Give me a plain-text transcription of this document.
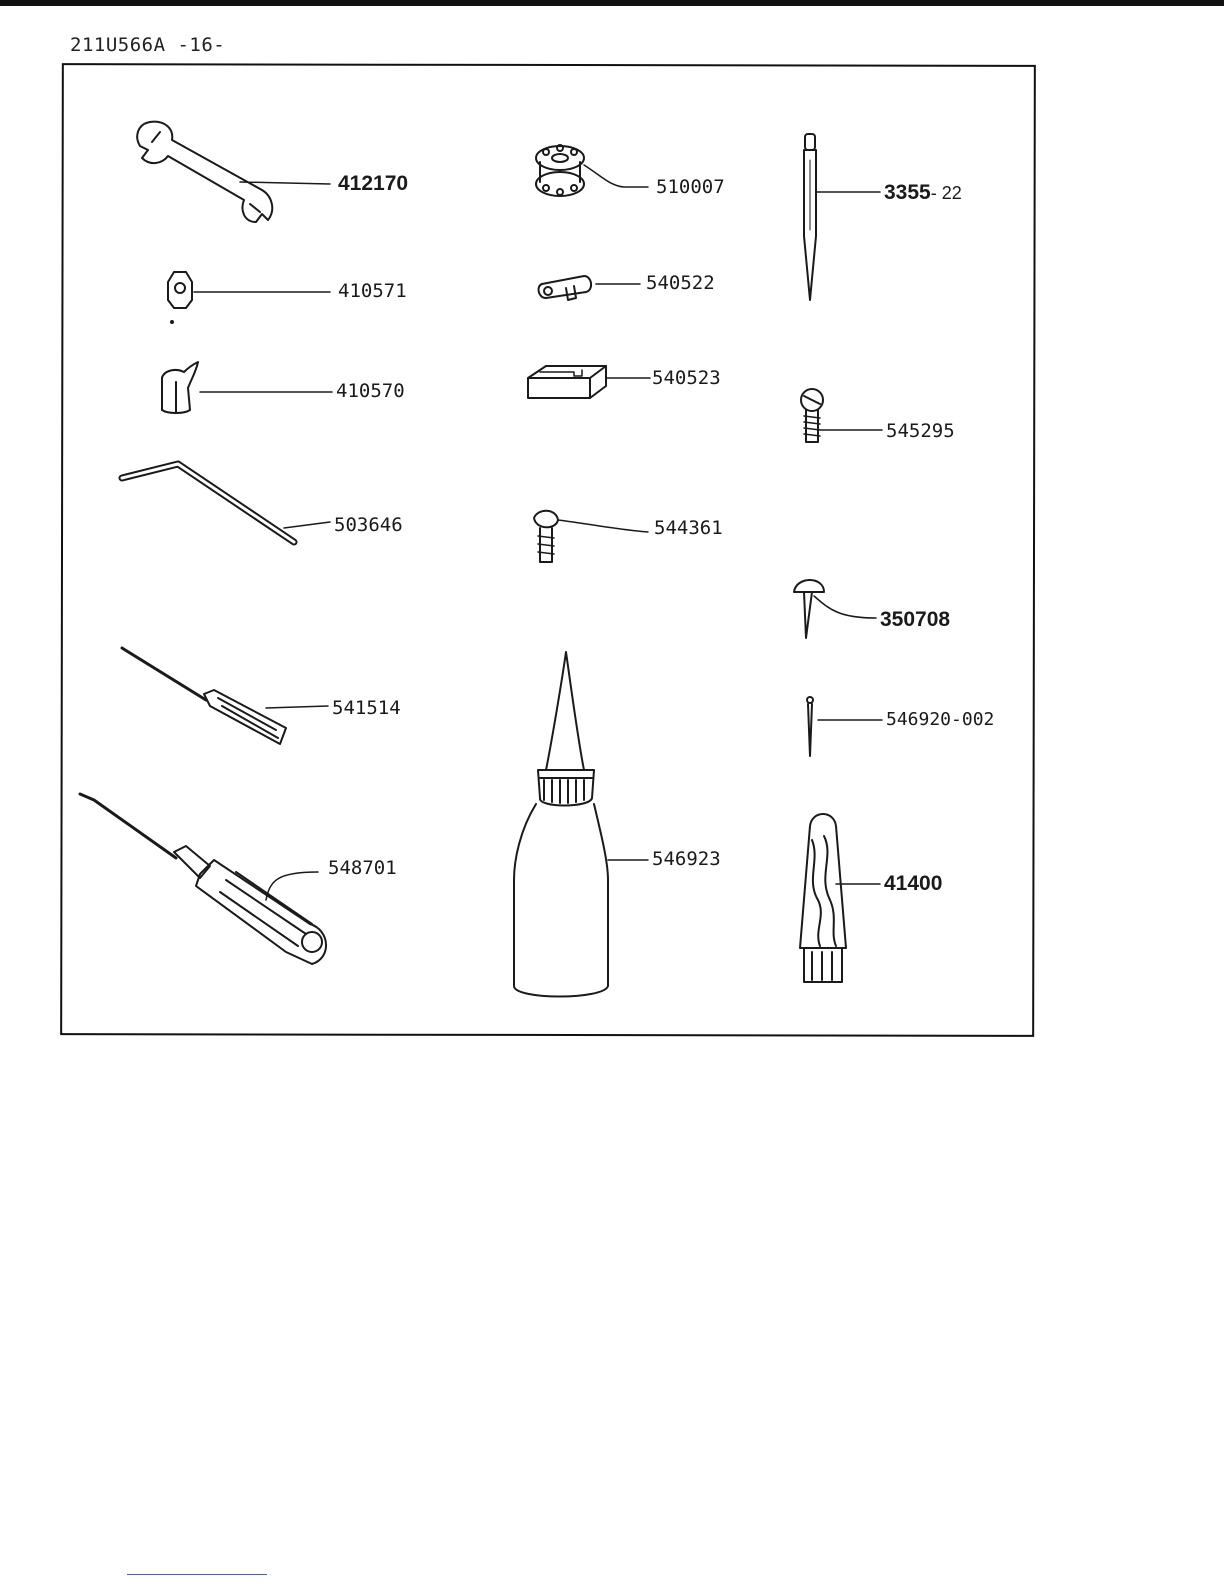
211U566A -16-
412170	510007	3355- 22
410571	540522
410570
540523
545295
503646	544361
350708
541514
546920-002
548701	546923
41400
